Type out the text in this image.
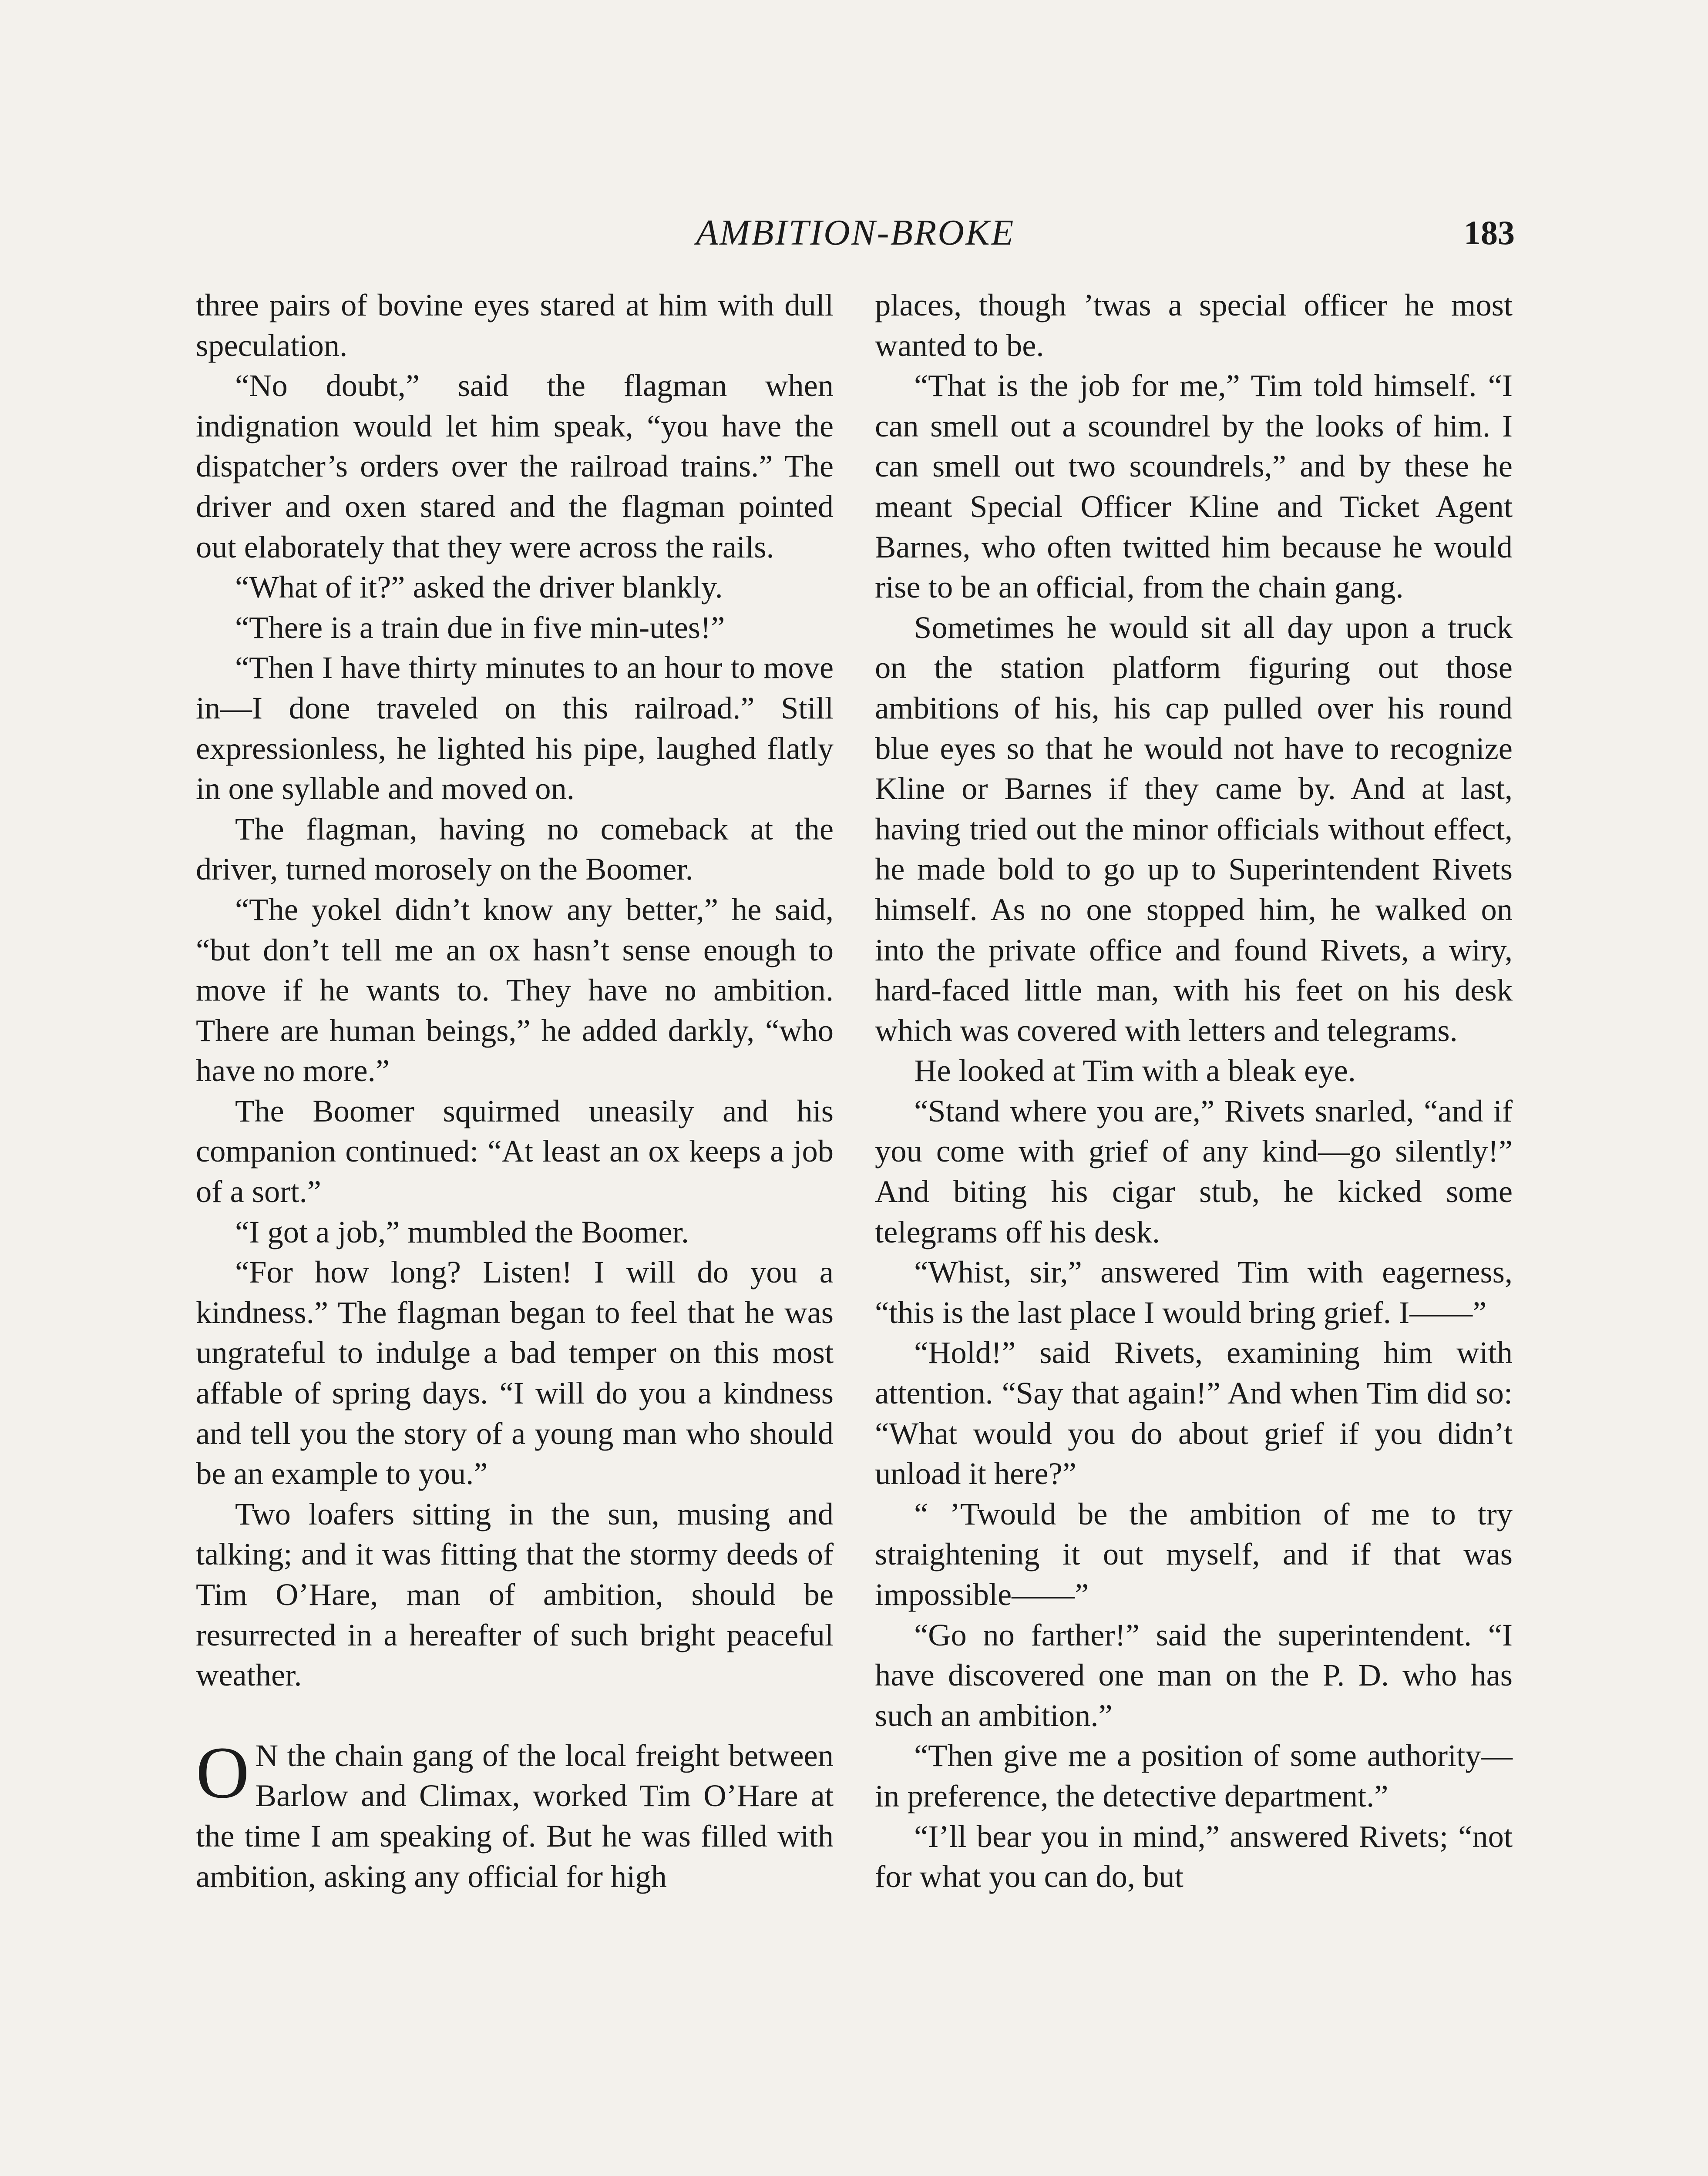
AMBITION-BROKE	183

three pairs of bovine eyes stared at him with dull speculation.

“No doubt,” said the flagman when indignation would let him speak, “you have the dispatcher’s orders over the railroad trains.” The driver and oxen stared and the flagman pointed out elaborately that they were across the rails.

“What of it?” asked the driver blankly.

“There is a train due in five min-utes!”

“Then I have thirty minutes to an hour to move in—I done traveled on this railroad.” Still expressionless, he lighted his pipe, laughed flatly in one syllable and moved on.

The flagman, having no comeback at the driver, turned morosely on the Boomer.

“The yokel didn’t know any better,” he said, “but don’t tell me an ox hasn’t sense enough to move if he wants to. They have no ambition. There are human beings,” he added darkly, “who have no more.”

The Boomer squirmed uneasily and his companion continued: “At least an ox keeps a job of a sort.”

“I got a job,” mumbled the Boomer.

“For how long? Listen! I will do you a kindness.” The flagman began to feel that he was ungrateful to indulge a bad temper on this most affable of spring days. “I will do you a kindness and tell you the story of a young man who should be an example to you.”

Two loafers sitting in the sun, musing and talking; and it was fitting that the stormy deeds of Tim O’Hare, man of ambition, should be resurrected in a hereafter of such bright peaceful weather.

O N the chain gang of the local freight between Barlow and Climax, worked Tim O’Hare at the time I am speaking of. But he was filled with ambition, asking any official for high

places, though ’twas a special officer he most wanted to be.

“That is the job for me,” Tim told himself. “I can smell out a scoundrel by the looks of him. I can smell out two scoundrels,” and by these he meant Special Officer Kline and Ticket Agent Barnes, who often twitted him because he would rise to be an official, from the chain gang.

Sometimes he would sit all day upon a truck on the station platform figuring out those ambitions of his, his cap pulled over his round blue eyes so that he would not have to recognize Kline or Barnes if they came by. And at last, having tried out the minor officials without effect, he made bold to go up to Superintendent Rivets himself. As no one stopped him, he walked on into the private office and found Rivets, a wiry, hard-faced little man, with his feet on his desk which was covered with letters and telegrams.

He looked at Tim with a bleak eye.

“Stand where you are,” Rivets snarled, “and if you come with grief of any kind—go silently!” And biting his cigar stub, he kicked some telegrams off his desk.

“Whist, sir,” answered Tim with eagerness, “this is the last place I would bring grief. I——”

“Hold!” said Rivets, examining him with attention. “Say that again!” And when Tim did so: “What would you do about grief if you didn’t unload it here?”

“ ’Twould be the ambition of me to try straightening it out myself, and if that was impossible——”

“Go no farther!” said the superintendent. “I have discovered one man on the P. D. who has such an ambition.”

“Then give me a position of some authority—in preference, the detective department.”

“I’ll bear you in mind,” answered Rivets; “not for what you can do, but
